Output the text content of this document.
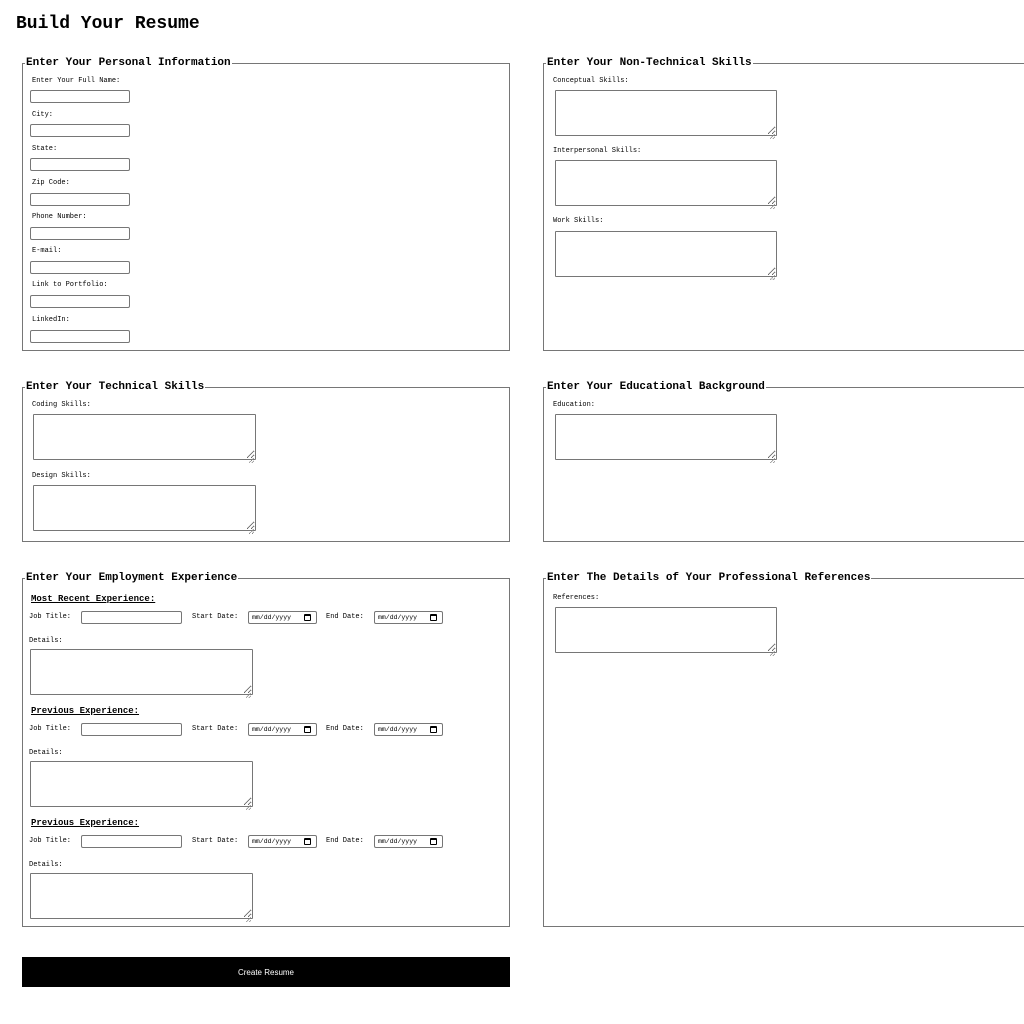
Build Your Resume
Enter Your Personal Information
Enter Your Full Name:
City:
State:
Zip Code:
Phone Number:
E-mail:
Link to Portfolio:
LinkedIn:
Enter Your Non-Technical Skills
Conceptual Skills:
Interpersonal Skills:
Work Skills:
Enter Your Technical Skills
Coding Skills:
Design Skills:
Enter Your Educational Background
Education:
Enter Your Employment Experience
Most Recent Experience:
Job Title:	Start Date:	mm/dd/yyyy	End Date:	mm/dd/yyyy
Details:
Previous Experience:
Job Title:	Start Date:	mm/dd/yyyy	End Date:	mm/dd/yyyy
Details:
Previous Experience:
Job Title:	Start Date:	mm/dd/yyyy	End Date:	mm/dd/yyyy
Details:
Enter The Details of Your Professional References
References:
Create Resume
